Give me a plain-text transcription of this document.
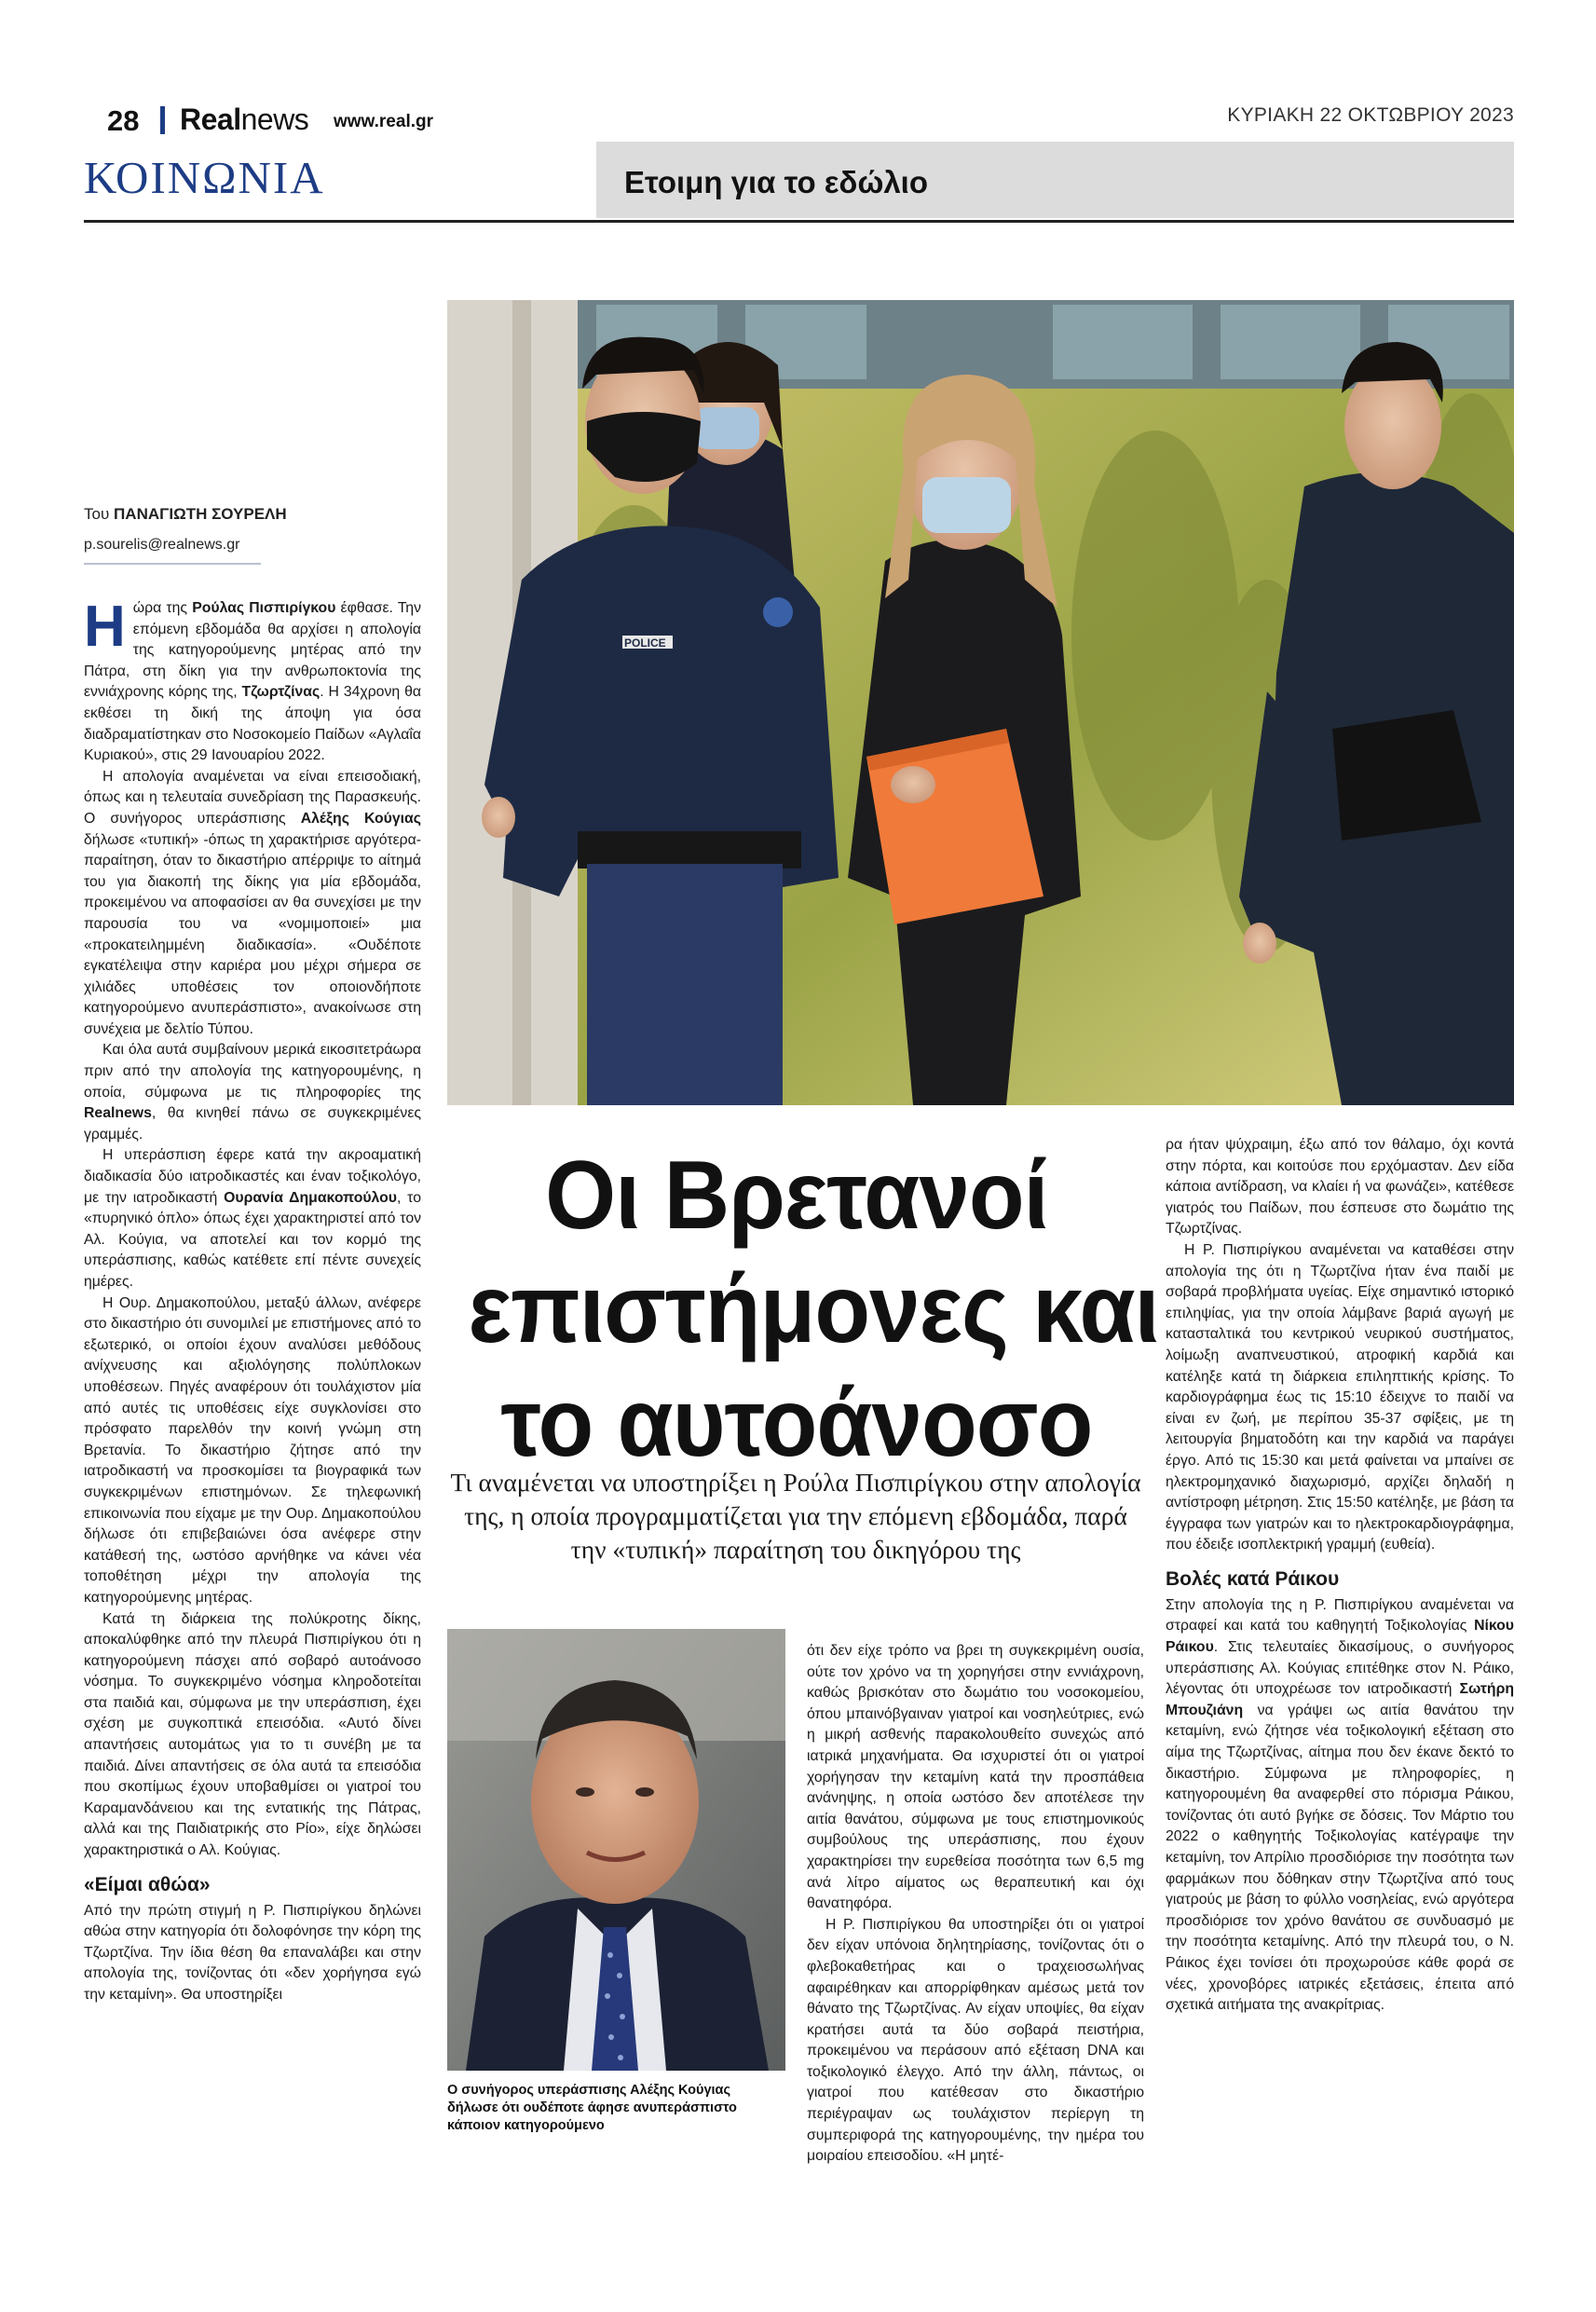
28 Realnews www.real.gr	ΚΥΡΙΑΚΗ 22 ΟΚΤΩΒΡΙΟΥ 2023
ΚΟΙΝΩΝΙΑ	Ετοιμη για το εδώλιο
POLICE
Του ΠΑΝΑΓΙΩΤΗ ΣΟΥΡΕΛΗ
p.sourelis@realnews.gr

Ηώρα της Ρούλας Πισπιρίγκου έφθασε. Την επόμενη εβδομάδα θα αρχίσει η απολογία της κατηγορούμενης μητέρας από την Πάτρα, στη δίκη για την ανθρωποκτονία της εννιάχρονης κόρης της, Τζωρτζίνας. Η 34χρονη θα εκθέσει τη δική της άποψη για όσα διαδραματίστηκαν στο Νοσοκομείο Παίδων «Αγλαΐα Κυριακού», στις 29 Ιανουαρίου 2022.

Η απολογία αναμένεται να είναι επεισοδιακή, όπως και η τελευταία συνεδρίαση της Παρασκευής. Ο συνήγορος υπεράσπισης Αλέξης Κούγιας δήλωσε «τυπική» -όπως τη χαρακτήρισε αργότερα- παραίτηση, όταν το δικαστήριο απέρριψε το αίτημά του για διακοπή της δίκης για μία εβδομάδα, προκειμένου να αποφασίσει αν θα συνεχίσει με την παρουσία του να «νομιμοποιεί» μια «προκατειλημμένη διαδικασία». «Ουδέποτε εγκατέλειψα στην καριέρα μου μέχρι σήμερα σε χιλιάδες υποθέσεις τον οποιονδήποτε κατηγορούμενο ανυπεράσπιστο», ανακοίνωσε στη συνέχεια με δελτίο Τύπου.

Και όλα αυτά συμβαίνουν μερικά εικοσιτετράωρα πριν από την απολογία της κατηγορουμένης, η οποία, σύμφωνα με τις πληροφορίες της Realnews, θα κινηθεί πάνω σε συγκεκριμένες γραμμές.

Η υπεράσπιση έφερε κατά την ακροαματική διαδικασία δύο ιατροδικαστές και έναν τοξικολόγο, με την ιατροδικαστή Ουρανία Δημακοπούλου, το «πυρηνικό όπλο» όπως έχει χαρακτηριστεί από τον Αλ. Κούγια, να αποτελεί και τον κορμό της υπεράσπισης, καθώς κατέθετε επί πέντε συνεχείς ημέρες.

Η Ουρ. Δημακοπούλου, μεταξύ άλλων, ανέφερε στο δικαστήριο ότι συνομιλεί με επιστήμονες από το εξωτερικό, οι οποίοι έχουν αναλύσει μεθόδους ανίχνευσης και αξιολόγησης πολύπλοκων υποθέσεων. Πηγές αναφέρουν ότι τουλάχιστον μία από αυτές τις υποθέσεις είχε συγκλονίσει στο πρόσφατο παρελθόν την κοινή γνώμη στη Βρετανία. Το δικαστήριο ζήτησε από την ιατροδικαστή να προσκομίσει τα βιογραφικά των συγκεκριμένων επιστημόνων. Σε τηλεφωνική επικοινωνία που είχαμε με την Ουρ. Δημακοπούλου δήλωσε ότι επιβεβαιώνει όσα ανέφερε στην κατάθεσή της, ωστόσο αρνήθηκε να κάνει νέα τοποθέτηση μέχρι την απολογία της κατηγορούμενης μητέρας.

Κατά τη διάρκεια της πολύκροτης δίκης, αποκαλύφθηκε από την πλευρά Πισπιρίγκου ότι η κατηγορούμενη πάσχει από σοβαρό αυτοάνοσο νόσημα. Το συγκεκριμένο νόσημα κληροδοτείται στα παιδιά και, σύμφωνα με την υπεράσπιση, έχει σχέση με συγκοπτικά επεισόδια. «Αυτό δίνει απαντήσεις αυτομάτως για το τι συνέβη με τα παιδιά. Δίνει απαντήσεις σε όλα αυτά τα επεισόδια που σκοπίμως έχουν υποβαθμίσει οι γιατροί του Καραμανδάνειου και της εντατικής της Πάτρας, αλλά και της Παιδιατρικής στο Ρίο», είχε δηλώσει χαρακτηριστικά ο Αλ. Κούγιας.

«Είμαι αθώα»

Από την πρώτη στιγμή η Ρ. Πισπιρίγκου δηλώνει αθώα στην κατηγορία ότι δολοφόνησε την κόρη της Τζωρτζίνα. Την ίδια θέση θα επαναλάβει και στην απολογία της, τονίζοντας ότι «δεν χορήγησα εγώ την κεταμίνη». Θα υποστηρίξει

Οι Βρετανοί
επιστήμονες και
το αυτοάνοσο
Τι αναμένεται να υποστηρίξει η Ρούλα Πισπιρίγκου στην απολογία της, η οποία προγραμματίζεται για την επόμενη εβδομάδα, παρά την «τυπική» παραίτηση του δικηγόρου της
Ο συνήγορος υπεράσπισης Αλέξης Κούγιας δήλωσε ότι ουδέποτε άφησε ανυπεράσπιστο κάποιον κατηγορούμενο

ότι δεν είχε τρόπο να βρει τη συγκεκριμένη ουσία, ούτε τον χρόνο να τη χορηγήσει στην εννιάχρονη, καθώς βρισκόταν στο δωμάτιο του νοσοκομείου, όπου μπαινόβγαιναν γιατροί και νοσηλεύτριες, ενώ η μικρή ασθενής παρακολουθείτο συνεχώς από ιατρικά μηχανήματα. Θα ισχυριστεί ότι οι γιατροί χορήγησαν την κεταμίνη κατά την προσπάθεια ανάνηψης, η οποία ωστόσο δεν αποτέλεσε την αιτία θανάτου, σύμφωνα με τους επιστημονικούς συμβούλους της υπεράσπισης, που έχουν χαρακτηρίσει την ευρεθείσα ποσότητα των 6,5 mg ανά λίτρο αίματος ως θεραπευτική και όχι θανατηφόρα.

Η Ρ. Πισπιρίγκου θα υποστηρίξει ότι οι γιατροί δεν είχαν υπόνοια δηλητηρίασης, τονίζοντας ότι ο φλεβοκαθετήρας και ο τραχειοσωλήνας αφαιρέθηκαν και απορρίφθηκαν αμέσως μετά τον θάνατο της Τζωρτζίνας. Αν είχαν υποψίες, θα είχαν κρατήσει αυτά τα δύο σοβαρά πειστήρια, προκειμένου να περάσουν από εξέταση DNA και τοξικολογικό έλεγχο. Από την άλλη, πάντως, οι γιατροί που κατέθεσαν στο δικαστήριο περιέγραψαν ως τουλάχιστον περίεργη τη συμπεριφορά της κατηγορουμένης, την ημέρα του μοιραίου επεισοδίου. «Η μητέ-

ρα ήταν ψύχραιμη, έξω από τον θάλαμο, όχι κοντά στην πόρτα, και κοιτούσε που ερχόμασταν. Δεν είδα κάποια αντίδραση, να κλαίει ή να φωνάζει», κατέθεσε γιατρός του Παίδων, που έσπευσε στο δωμάτιο της Τζωρτζίνας.

Η Ρ. Πισπιρίγκου αναμένεται να καταθέσει στην απολογία της ότι η Τζωρτζίνα ήταν ένα παιδί με σοβαρά προβλήματα υγείας. Είχε σημαντικό ιστορικό επιληψίας, για την οποία λάμβανε βαριά αγωγή με κατασταλτικά του κεντρικού νευρικού συστήματος, λοίμωξη αναπνευστικού, ατροφική καρδιά και κατέληξε κατά τη διάρκεια επιληπτικής κρίσης. Το καρδιογράφημα έως τις 15:10 έδειχνε το παιδί να είναι εν ζωή, με περίπου 35-37 σφίξεις, με τη λειτουργία βηματοδότη και την καρδιά να παράγει έργο. Από τις 15:30 και μετά φαίνεται να μπαίνει σε ηλεκτρομηχανικό διαχωρισμό, αρχίζει δηλαδή η αντίστροφη μέτρηση. Στις 15:50 κατέληξε, με βάση τα έγγραφα των γιατρών και το ηλεκτροκαρδιογράφημα, που έδειξε ισοπλεκτρική γραμμή (ευθεία).

Βολές κατά Ράικου

Στην απολογία της η Ρ. Πισπιρίγκου αναμένεται να στραφεί και κατά του καθηγητή Τοξικολογίας Νίκου Ράικου. Στις τελευταίες δικασίμους, ο συνήγορος υπεράσπισης Αλ. Κούγιας επιτέθηκε στον Ν. Ράικο, λέγοντας ότι υποχρέωσε τον ιατροδικαστή Σωτήρη Μπουζιάνη να γράψει ως αιτία θανάτου την κεταμίνη, ενώ ζήτησε νέα τοξικολογική εξέταση στο αίμα της Τζωρτζίνας, αίτημα που δεν έκανε δεκτό το δικαστήριο. Σύμφωνα με πληροφορίες, η κατηγορουμένη θα αναφερθεί στο πόρισμα Ράικου, τονίζοντας ότι αυτό βγήκε σε δόσεις. Τον Μάρτιο του 2022 ο καθηγητής Τοξικολογίας κατέγραψε την κεταμίνη, τον Απρίλιο προσδιόρισε την ποσότητα των φαρμάκων που δόθηκαν στην Τζωρτζίνα από τους γιατρούς με βάση το φύλλο νοσηλείας, ενώ αργότερα προσδιόρισε τον χρόνο θανάτου σε συνδυασμό με την ποσότητα κεταμίνης. Από την πλευρά του, ο Ν. Ράικος έχει τονίσει ότι προχωρούσε κάθε φορά σε νέες, χρονοβόρες ιατρικές εξετάσεις, έπειτα από σχετικά αιτήματα της ανακρίτριας.
